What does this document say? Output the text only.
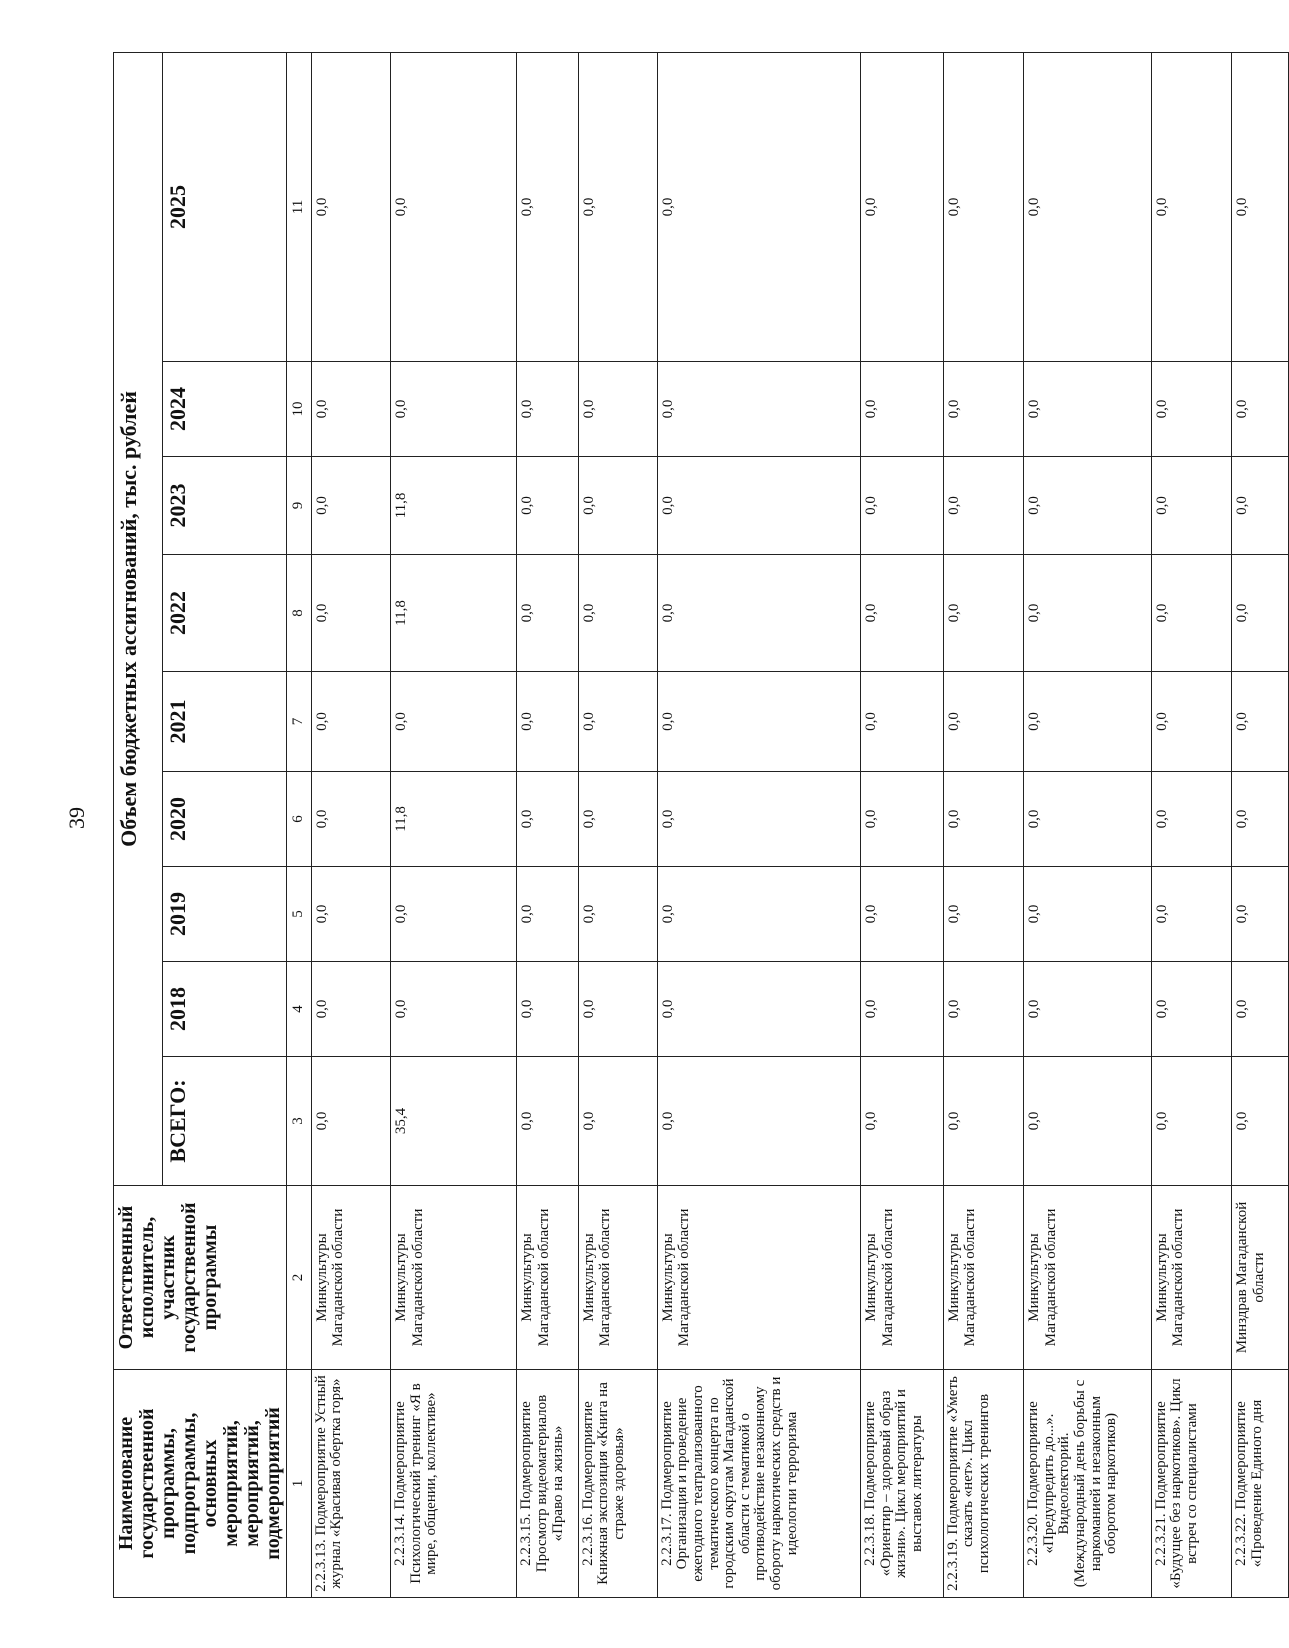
39
Наименование государственной программы, подпрограммы, основных мероприятий, мероприятий, подмероприятий	Ответственный исполнитель, участник государственной программы	Объем бюджетных ассигнований, тыс. рублей								
		ВСЕГО:	2018	2019	2020	2021	2022	2023	2024	2025
1	2	3	4	5	6	7	8	9	10	11
2.2.3.13. Подмероприятие Устный журнал «Красивая обертка горя»	Минкультуры Магаданской области	0,0	0,0	0,0	0,0	0,0	0,0	0,0	0,0	0,0
2.2.3.14. Подмероприятие Психологический тренинг «Я в мире, общении, коллективе»	Минкультуры Магаданской области	35,4	0,0	0,0	11,8	0,0	11,8	11,8	0,0	0,0
2.2.3.15. Подмероприятие Просмотр видеоматериалов «Право на жизнь»	Минкультуры Магаданской области	0,0	0,0	0,0	0,0	0,0	0,0	0,0	0,0	0,0
2.2.3.16. Подмероприятие Книжная экспозиция «Книга на страже здоровья»	Минкультуры Магаданской области	0,0	0,0	0,0	0,0	0,0	0,0	0,0	0,0	0,0
2.2.3.17. Подмероприятие Организация и проведение ежегодного театрализованного тематического концерта по городским округам Магаданской области с тематикой о противодействие незаконному обороту наркотических средств и идеологии терроризма	Минкультуры Магаданской области	0,0	0,0	0,0	0,0	0,0	0,0	0,0	0,0	0,0
2.2.3.18. Подмероприятие «Ориентир – здоровый образ жизни». Цикл мероприятий и выставок литературы	Минкультуры Магаданской области	0,0	0,0	0,0	0,0	0,0	0,0	0,0	0,0	0,0
2.2.3.19. Подмероприятие «Уметь сказать «нет». Цикл психологических тренингов	Минкультуры Магаданской области	0,0	0,0	0,0	0,0	0,0	0,0	0,0	0,0	0,0
2.2.3.20. Подмероприятие «Предупредить до...». Видеолекторий. (Международный день борьбы с наркоманией и незаконным оборотом наркотиков)	Минкультуры Магаданской области	0,0	0,0	0,0	0,0	0,0	0,0	0,0	0,0	0,0
2.2.3.21. Подмероприятие «Будущее без наркотиков». Цикл встреч со специалистами	Минкультуры Магаданской области	0,0	0,0	0,0	0,0	0,0	0,0	0,0	0,0	0,0
2.2.3.22. Подмероприятие «Проведение Единого дня	Минздрав Магаданской области	0,0	0,0	0,0	0,0	0,0	0,0	0,0	0,0	0,0
